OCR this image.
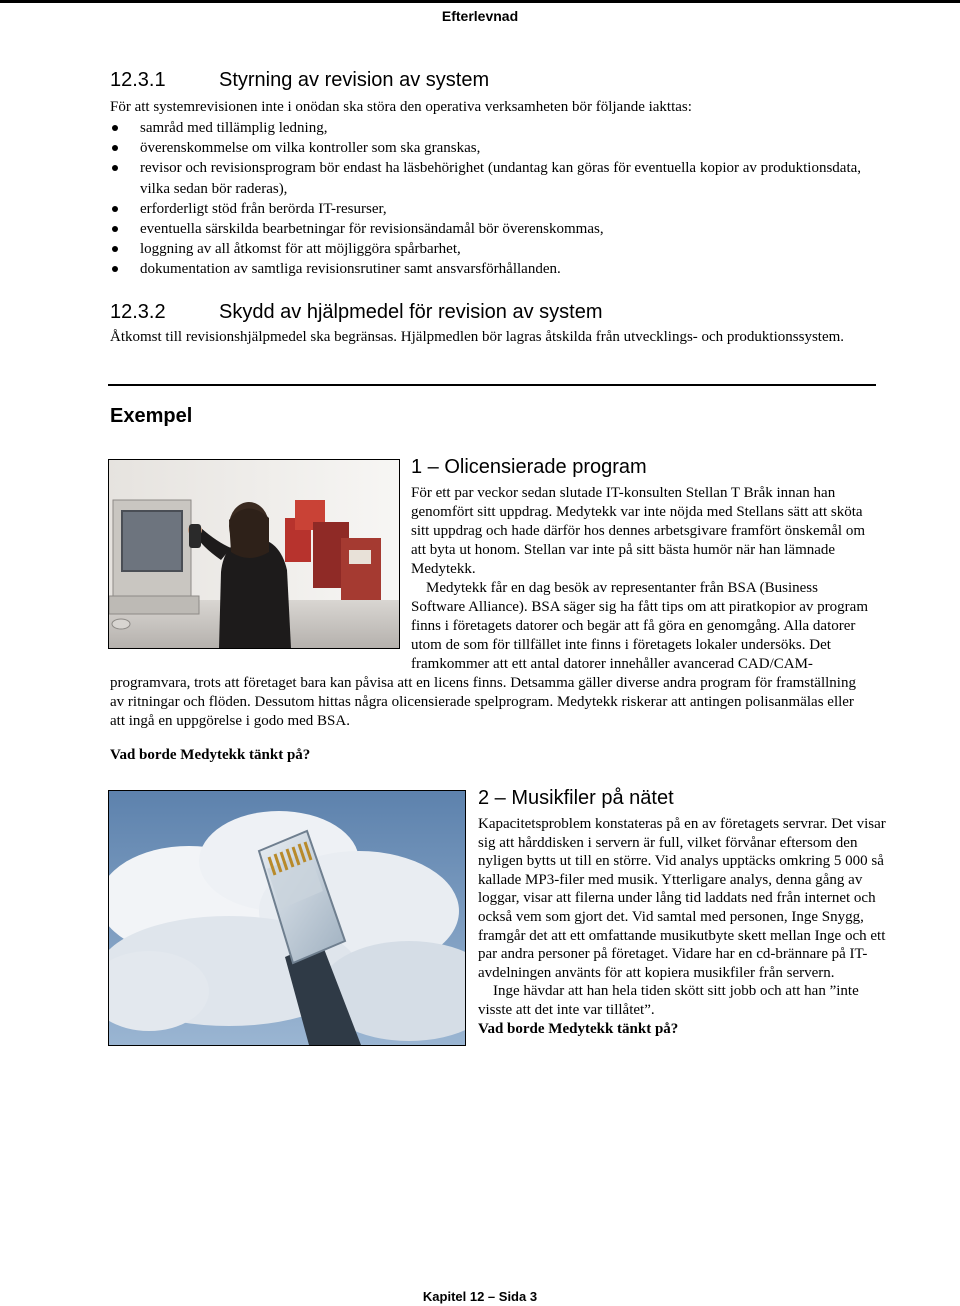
Efterlevnad
12.3.1	Styrning av revision av system

För att systemrevisionen inte i onödan ska störa den operativa verksamheten bör följande iakttas:

samråd med tillämplig ledning,
överenskommelse om vilka kontroller som ska granskas,
revisor och revisionsprogram bör endast ha läsbehörighet (undantag kan göras för eventuella kopior av produktionsdata, vilka sedan bör raderas),
erforderligt stöd från berörda IT-resurser,
eventuella särskilda bearbetningar för revisionsändamål bör överenskommas,
loggning av all åtkomst för att möjliggöra spårbarhet,
dokumentation av samtliga revisionsrutiner samt ansvarsförhållanden.
12.3.2	Skydd av hjälpmedel för revision av system

Åtkomst till revisionshjälpmedel ska begränsas. Hjälpmedlen bör lagras åtskilda från utvecklings- och produktionssystem.

Exempel
1 – Olicensierade program

För ett par veckor sedan slutade IT-konsulten Stellan T Bråk innan han genomfört sitt uppdrag. Medytekk var inte nöjda med Stellans sätt att sköta sitt uppdrag och hade därför hos dennes arbetsgivare framfört önskemål om att byta ut honom. Stellan var inte på sitt bästa humör när han lämnade Medytekk.

Medytekk får en dag besök av representanter från BSA (Business Software Alliance). BSA säger sig ha fått tips om att piratkopior av program finns i företagets datorer och begär att få göra en genomgång. Alla datorer utom de som för tillfället inte finns i företagets lokaler undersöks. Det framkommer att ett antal datorer innehåller avancerad CAD/CAM-programvara, trots att företaget bara kan påvisa att en licens finns. Detsamma gäller diverse andra program för framställning av ritningar och flöden. Dessutom hittas några olicensierade spelprogram. Medytekk riskerar att antingen polisanmälas eller att ingå en uppgörelse i godo med BSA.

Vad borde Medytekk tänkt på?
2 – Musikfiler på nätet

Kapacitetsproblem konstateras på en av företagets servrar. Det visar sig att hårddisken i servern är full, vilket förvånar eftersom den nyligen bytts ut till en större. Vid analys upptäcks omkring 5 000 så kallade MP3-filer med musik. Ytterligare analys, denna gång av loggar, visar att filerna under lång tid laddats ned från internet och också vem som gjort det. Vid samtal med personen, Inge Snygg, framgår det att ett omfattande musikutbyte skett mellan Inge och ett par andra personer på företaget. Vidare har en cd-brännare på IT-avdelningen använts för att kopiera musikfiler från servern.

Inge hävdar att han hela tiden skött sitt jobb och att han ”inte visste att det inte var tillåtet”.

Vad borde Medytekk tänkt på?

Kapitel 12 – Sida 3
